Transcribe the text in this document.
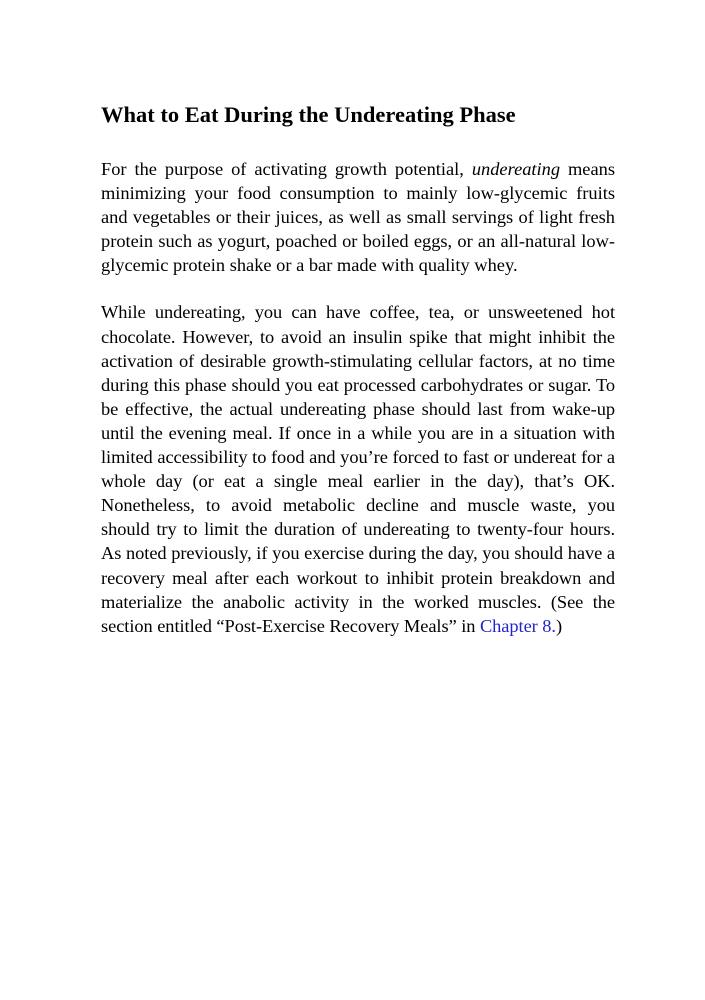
What to Eat During the Undereating Phase

For the purpose of activating growth potential, undereating means minimizing your food consumption to mainly low-glycemic fruits and vegetables or their juices, as well as small servings of light fresh protein such as yogurt, poached or boiled eggs, or an all-natural low-glycemic protein shake or a bar made with quality whey.

While undereating, you can have coffee, tea, or unsweetened hot chocolate. However, to avoid an insulin spike that might inhibit the activation of desirable growth-stimulating cellular factors, at no time during this phase should you eat processed carbohydrates or sugar. To be effective, the actual undereating phase should last from wake-up until the evening meal. If once in a while you are in a situation with limited accessibility to food and you’re forced to fast or undereat for a whole day (or eat a single meal earlier in the day), that’s OK. Nonetheless, to avoid metabolic decline and muscle waste, you should try to limit the duration of undereating to twenty-four hours. As noted previously, if you exercise during the day, you should have a recovery meal after each workout to inhibit protein breakdown and materialize the anabolic activity in the worked muscles. (See the section entitled “Post-Exercise Recovery Meals” in Chapter 8.)
